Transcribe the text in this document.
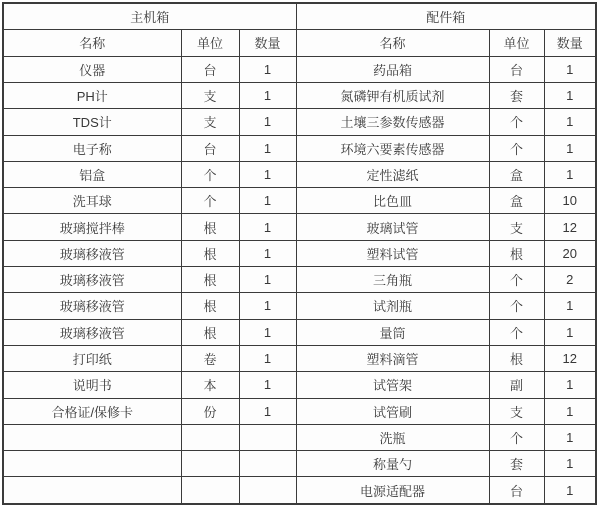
主机箱			配件箱		
名称	单位	数量	名称	单位	数量
仪器	台	1	药品箱	台	1
PH计	支	1	氮磷钾有机质试剂	套	1
TDS计	支	1	土壤三参数传感器	个	1
电子称	台	1	环境六要素传感器	个	1
铝盒	个	1	定性滤纸	盒	1
洗耳球	个	1	比色皿	盒	10
玻璃搅拌棒	根	1	玻璃试管	支	12
玻璃移液管	根	1	塑料试管	根	20
玻璃移液管	根	1	三角瓶	个	2
玻璃移液管	根	1	试剂瓶	个	1
玻璃移液管	根	1	量筒	个	1
打印纸	卷	1	塑料滴管	根	12
说明书	本	1	试管架	副	1
合格证/保修卡	份	1	试管刷	支	1
			洗瓶	个	1
			称量勺	套	1
			电源适配器	台	1
